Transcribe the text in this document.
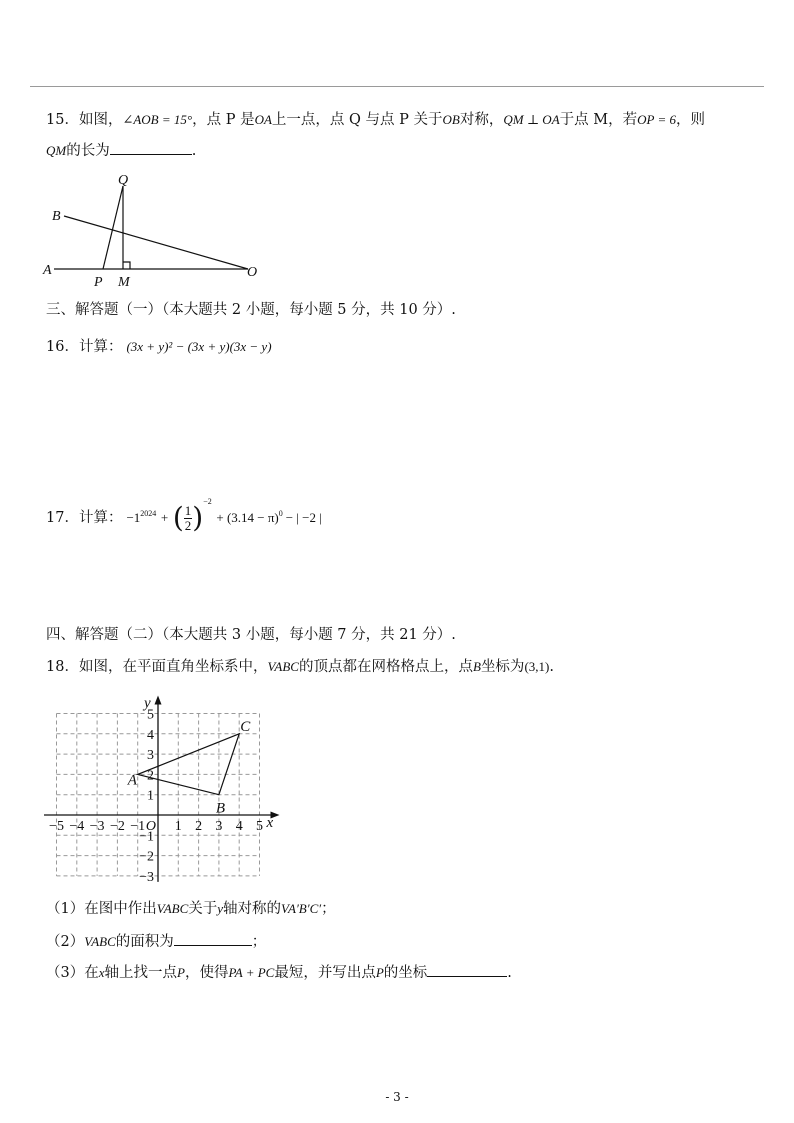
15．如图，∠AOB = 15°，点 P 是OA上一点，点 Q 与点 P 关于OB对称，QM ⊥ OA于点 M，若OP = 6，则
QM的长为	.
Q
B
A
P M
O
三、解答题（一）（本大题共 2 小题，每小题 5 分，共 10 分）.
16．计算： (3x + y)² − (3x + y)(3x − y)
17．计算： $-1^{2024}$ + ( $\frac{1}{2} )^{-2} + (3.14 - \pi)^0$ − | −2 |
四、解答题（二）（本大题共 3 小题，每小题 7 分，共 21 分）.
18．如图，在平面直角坐标系中，VABC的顶点都在网格格点上，点B坐标为(3,1).
x
y
−5 −4 −3 −2 −1 1 2 3 4 5
O
5
4
3
2
1
−1
−2
−3
A
B
C
（1）在图中作出VABC关于y轴对称的VA′B′C′；
（2）VABC的面积为	；
（3）在x轴上找一点P，使得PA + PC最短，并写出点P的坐标	.
- 3 -
